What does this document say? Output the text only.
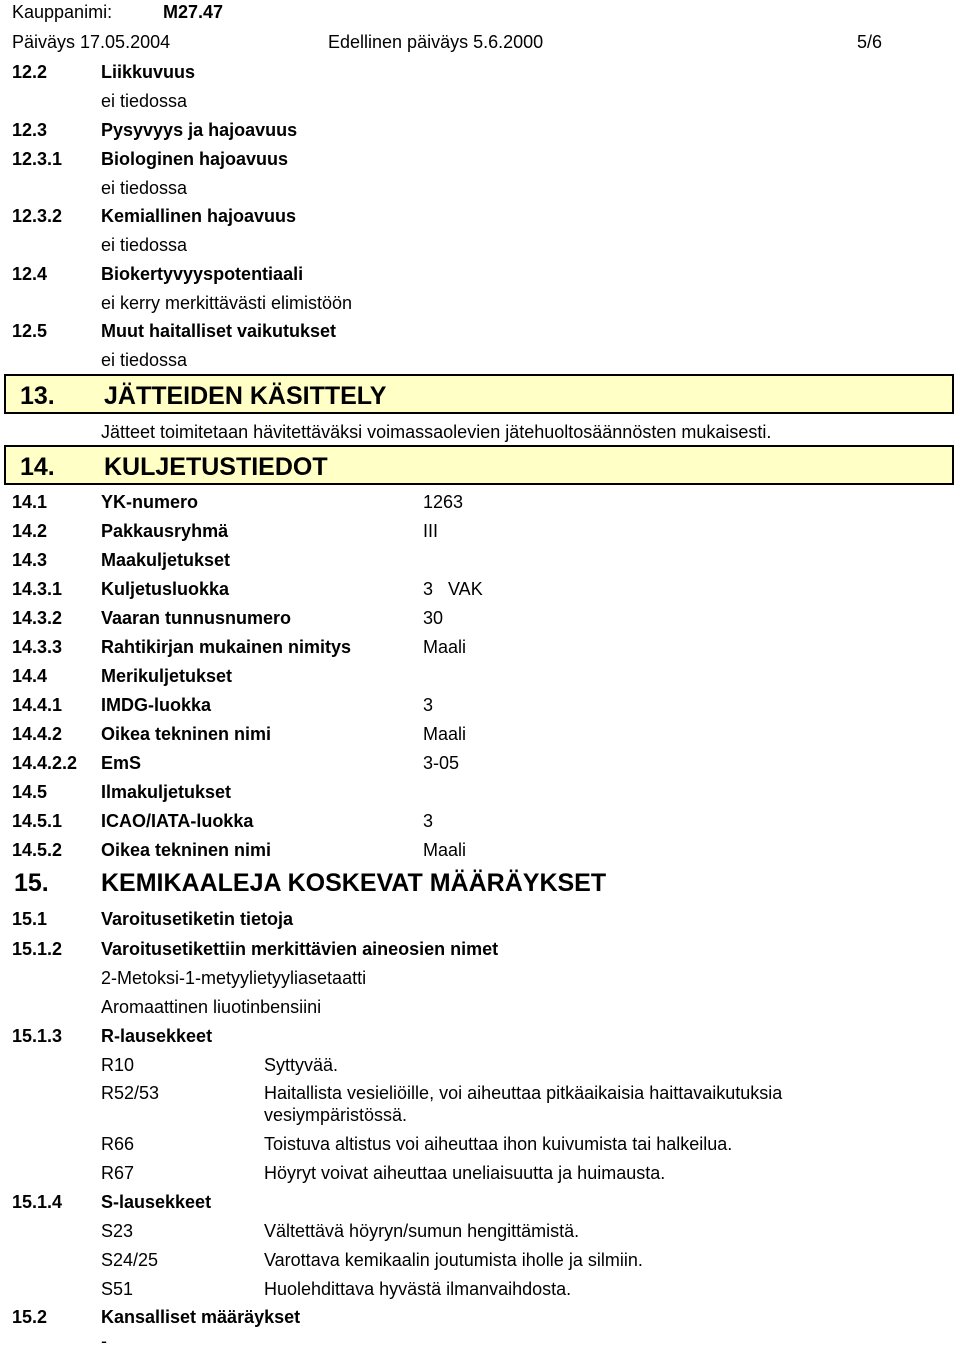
Kauppanimi:	M27.47
Päiväys 17.05.2004	Edellinen päiväys 5.6.2000	5/6
12.2	Liikkuvuus
ei tiedossa
12.3	Pysyvyys ja hajoavuus
12.3.1 Biologinen hajoavuus
ei tiedossa
12.3.2 Kemiallinen hajoavuus
ei tiedossa
12.4	Biokertyvyyspotentiaali
ei kerry merkittävästi elimistöön
12.5	Muut haitalliset vaikutukset
ei tiedossa
13. JÄTTEIDEN KÄSITTELY
Jätteet toimitetaan hävitettäväksi voimassaolevien jätehuoltosäännösten mukaisesti.
14. KULJETUSTIEDOT
14.1	YK-numero	1263
14.2	Pakkausryhmä	III
14.3	Maakuljetukset
14.3.1 Kuljetusluokka	3   VAK
14.3.2 Vaaran tunnusnumero	30
14.3.3 Rahtikirjan mukainen nimitys	Maali
14.4	Merikuljetukset
14.4.1 IMDG-luokka	3
14.4.2 Oikea tekninen nimi	Maali
14.4.2.2 EmS	3-05
14.5	Ilmakuljetukset
14.5.1 ICAO/IATA-luokka	3
14.5.2 Oikea tekninen nimi	Maali
15. KEMIKAALEJA KOSKEVAT MÄÄRÄYKSET
15.1	Varoitusetiketin tietoja
15.1.2 Varoitusetikettiin merkittävien aineosien nimet
2-Metoksi-1-metyylietyyliasetaatti
Aromaattinen liuotinbensiini
15.1.3 R-lausekkeet
R10	Syttyvää.
R52/53	Haitallista vesieliöille, voi aiheuttaa pitkäaikaisia haittavaikutuksia vesiympäristössä.
R66	Toistuva altistus voi aiheuttaa ihon kuivumista tai halkeilua.
R67	Höyryt voivat aiheuttaa uneliaisuutta ja huimausta.
15.1.4 S-lausekkeet
S23	Vältettävä höyryn/sumun hengittämistä.
S24/25	Varottava kemikaalin joutumista iholle ja silmiin.
S51	Huolehdittava hyvästä ilmanvaihdosta.
15.2	Kansalliset määräykset
-
